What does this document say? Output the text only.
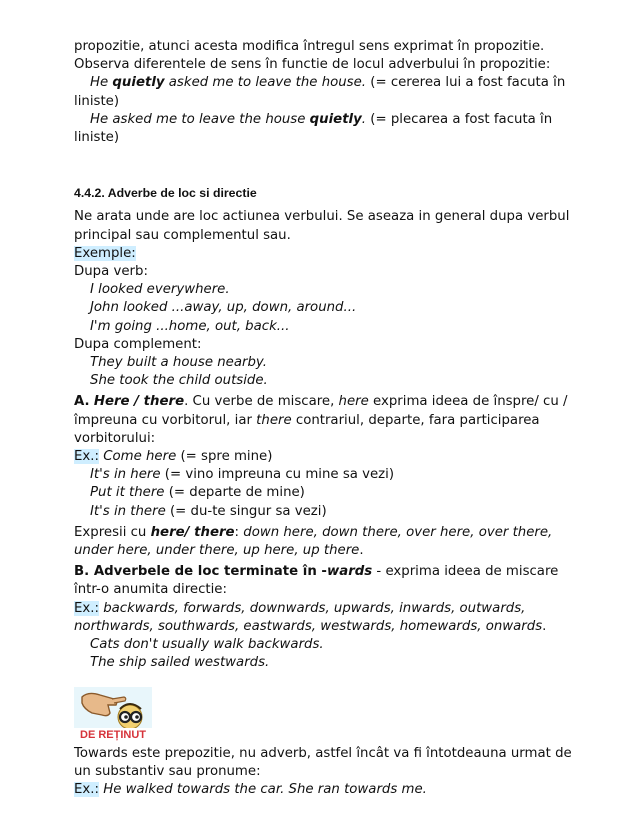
propozitie, atunci acesta modifica întregul sens exprimat în propozitie.
Observa diferentele de sens în functie de locul adverbului în propozitie:
He quietly asked me to leave the house. (= cererea lui a fost facuta în
liniste)
He asked me to leave the house quietly. (= plecarea a fost facuta în
liniste)
4.4.2. Adverbe de loc si directie
Ne arata unde are loc actiunea verbului. Se aseaza in general dupa verbul
principal sau complementul sau.
Exemple:
Dupa verb:
I looked everywhere.
John looked ...away, up, down, around...
I'm going ...home, out, back...
Dupa complement:
They built a house nearby.
She took the child outside.
A. Here / there. Cu verbe de miscare, here exprima ideea de înspre/ cu /
împreuna cu vorbitorul, iar there contrariul, departe, fara participarea
vorbitorului:
Ex.: Come here (= spre mine)
It's in here (= vino impreuna cu mine sa vezi)
Put it there (= departe de mine)
It's in there (= du-te singur sa vezi)
Expresii cu here/ there: down here, down there, over here, over there,
under here, under there, up here, up there.
B. Adverbele de loc terminate în -wards - exprima ideea de miscare
într-o anumita directie:
Ex.: backwards, forwards, downwards, upwards, inwards, outwards,
northwards, southwards, eastwards, westwards, homewards, onwards.
Cats don't usually walk backwards.
The ship sailed westwards.
DE REȚINUT
Towards este prepozitie, nu adverb, astfel încât va fi întotdeauna urmat de
un substantiv sau pronume:
Ex.: He walked towards the car. She ran towards me.
